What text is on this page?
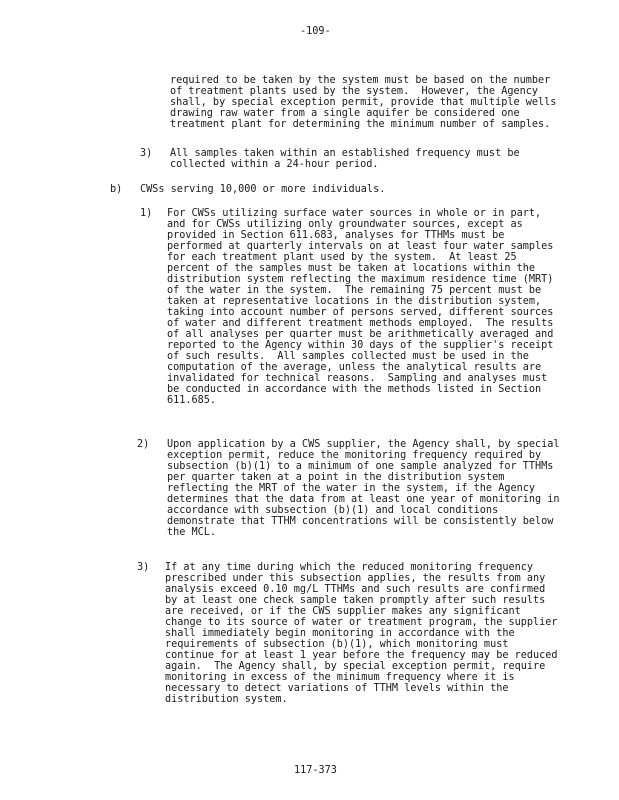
-109-
required to be taken by the system must be based on the number
of treatment plants used by the system.  However, the Agency
shall, by special exception permit, provide that multiple wells
drawing raw water from a single aquifer be considered one
treatment plant for determining the minimum number of samples.
3) All samples taken within an established frequency must be
collected within a 24-hour period.
b) CWSs serving 10,000 or more individuals.
1) For CWSs utilizing surface water sources in whole or in part,
and for CWSs utilizing only groundwater sources, except as
provided in Section 611.683, analyses for TTHMs must be
performed at quarterly intervals on at least four water samples
for each treatment plant used by the system.  At least 25
percent of the samples must be taken at locations within the
distribution system reflecting the maximum residence time (MRT)
of the water in the system.  The remaining 75 percent must be
taken at representative locations in the distribution system,
taking into account number of persons served, different sources
of water and different treatment methods employed.  The results
of all analyses per quarter must be arithmetically averaged and
reported to the Agency within 30 days of the supplier's receipt
of such results.  All samples collected must be used in the
computation of the average, unless the analytical results are
invalidated for technical reasons.  Sampling and analyses must
be conducted in accordance with the methods listed in Section
611.685.
2) Upon application by a CWS supplier, the Agency shall, by special
exception permit, reduce the monitoring frequency required by
subsection (b)(1) to a minimum of one sample analyzed for TTHMs
per quarter taken at a point in the distribution system
reflecting the MRT of the water in the system, if the Agency
determines that the data from at least one year of monitoring in
accordance with subsection (b)(1) and local conditions
demonstrate that TTHM concentrations will be consistently below
the MCL.
3) If at any time during which the reduced monitoring frequency
prescribed under this subsection applies, the results from any
analysis exceed 0.10 mg/L TTHMs and such results are confirmed
by at least one check sample taken promptly after such results
are received, or if the CWS supplier makes any significant
change to its source of water or treatment program, the supplier
shall immediately begin monitoring in accordance with the
requirements of subsection (b)(1), which monitoring must
continue for at least 1 year before the frequency may be reduced
again.  The Agency shall, by special exception permit, require
monitoring in excess of the minimum frequency where it is
necessary to detect variations of TTHM levels within the
distribution system.
117-373
